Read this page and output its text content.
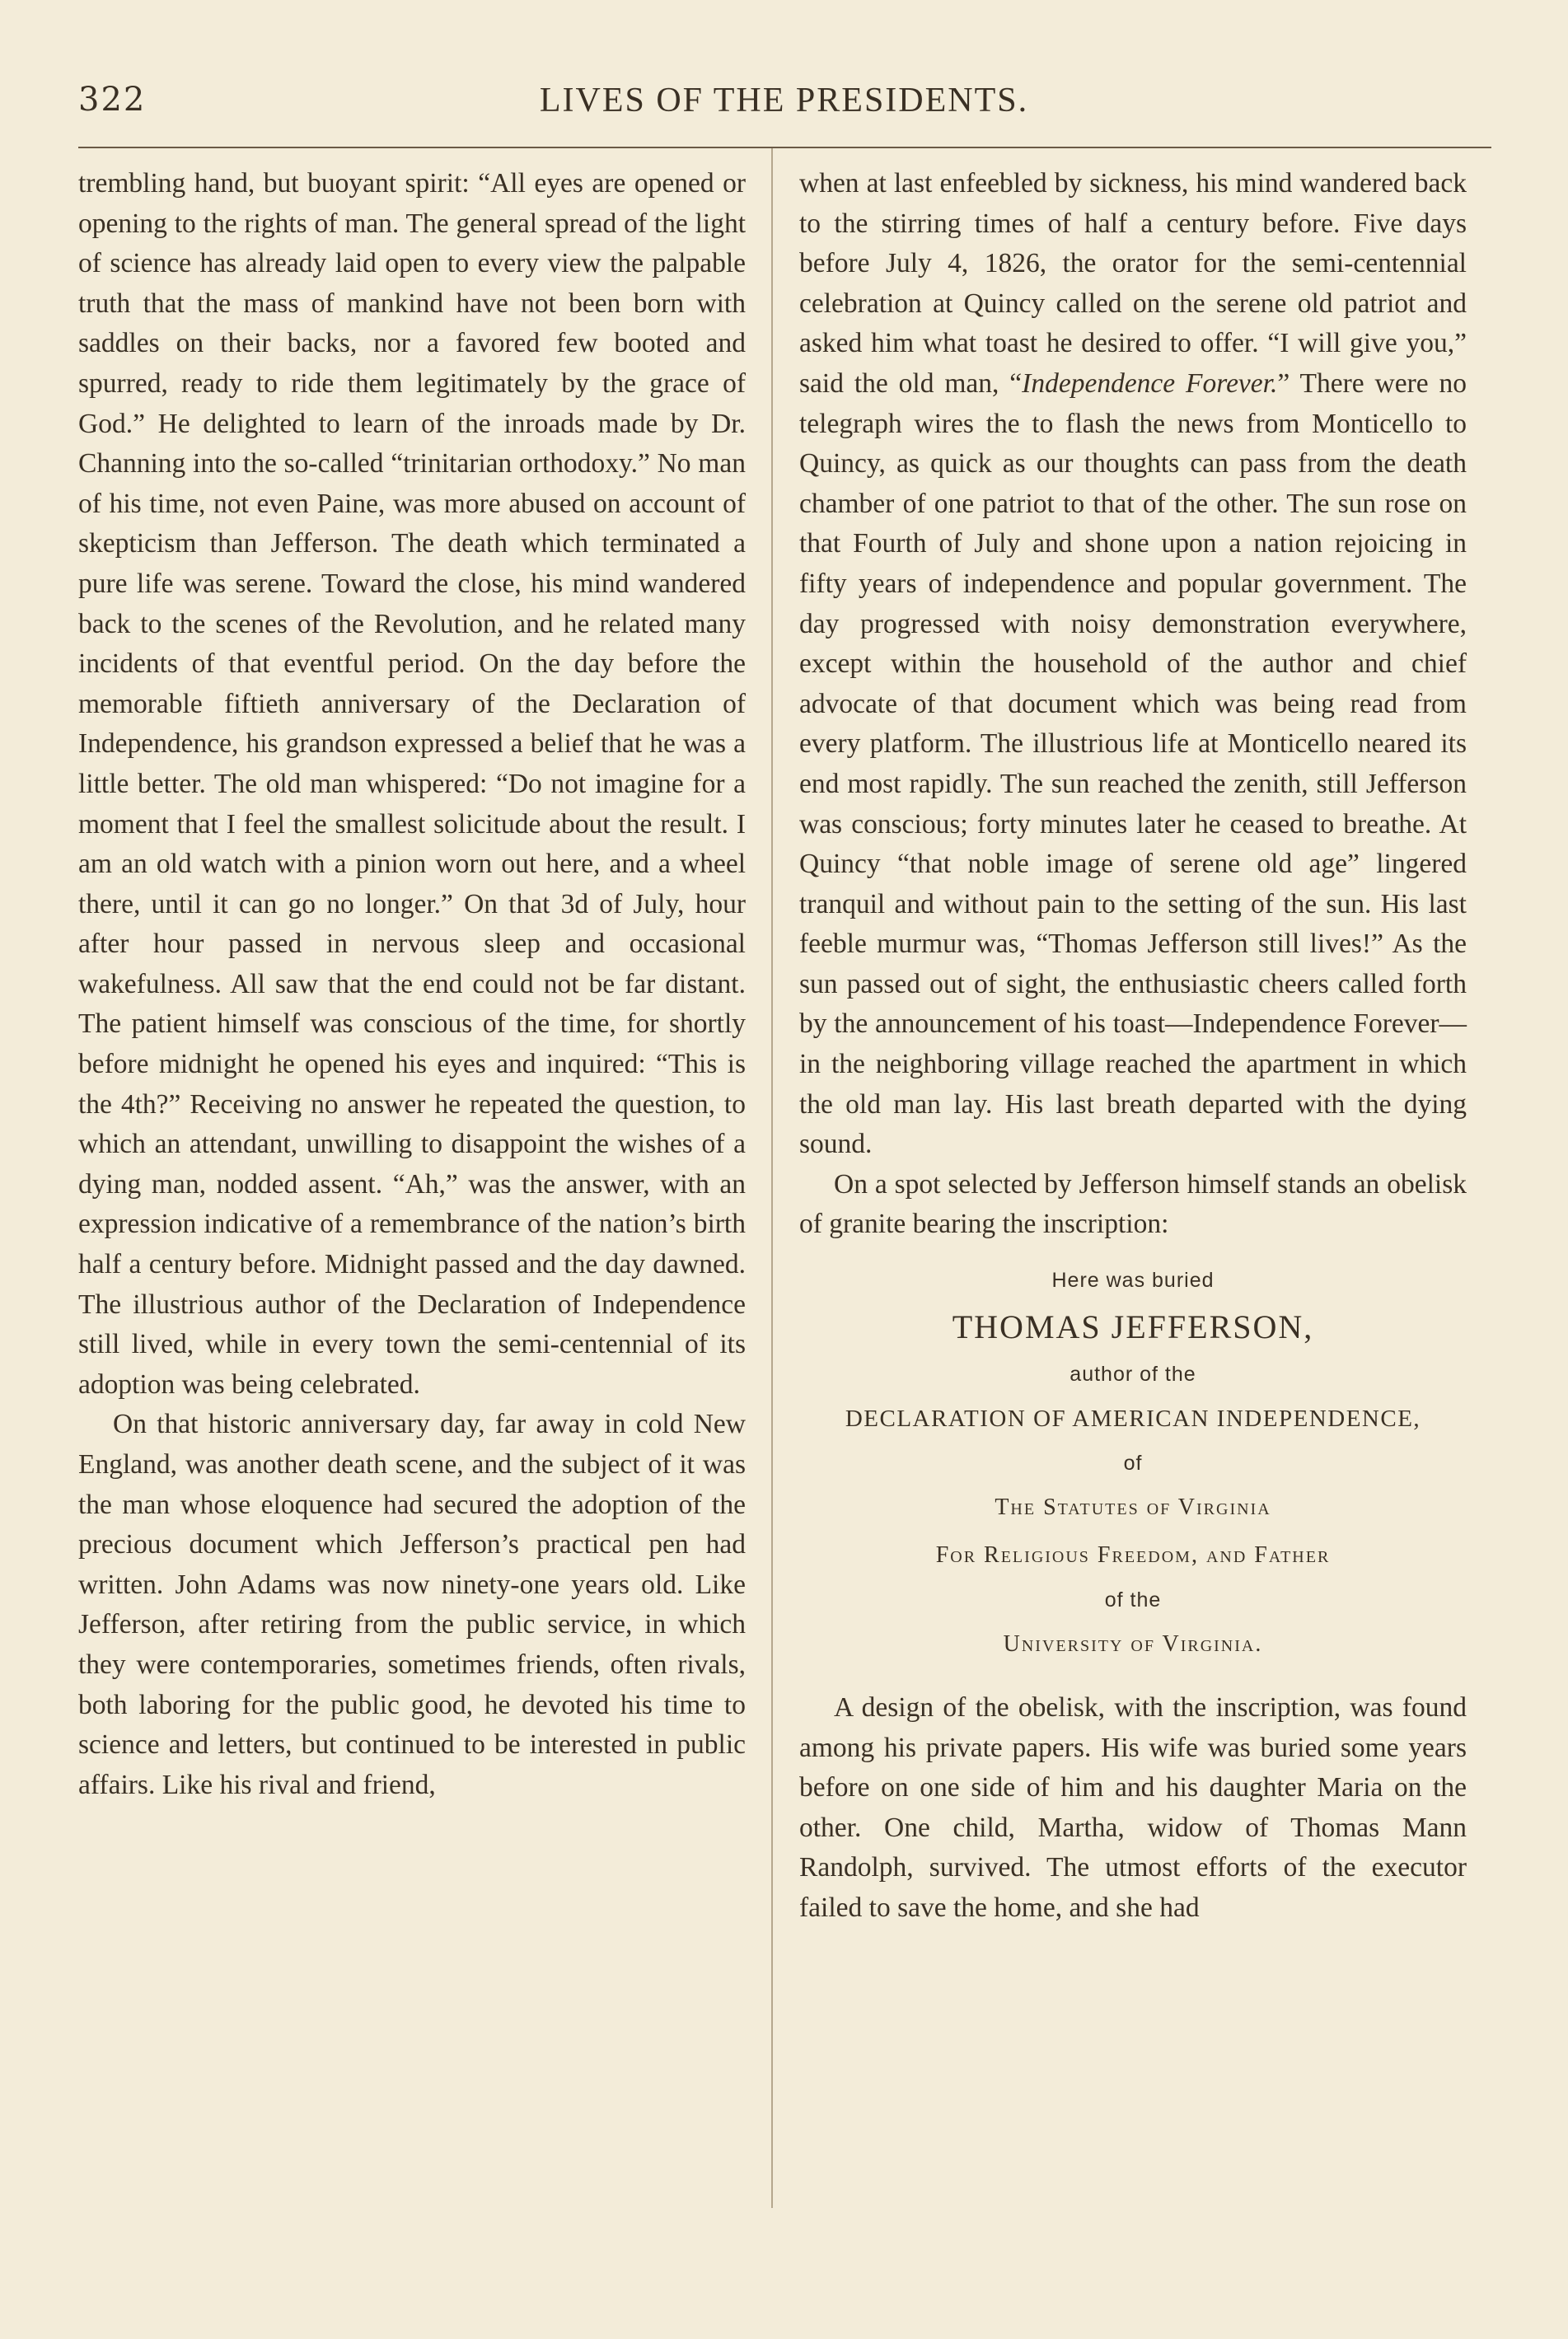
322	LIVES OF THE PRESIDENTS.

trembling hand, but buoyant spirit: “All eyes are opened or opening to the rights of man. The general spread of the light of science has already laid open to every view the palpable truth that the mass of mankind have not been born with saddles on their backs, nor a favored few booted and spurred, ready to ride them legitimately by the grace of God.” He delighted to learn of the inroads made by Dr. Channing into the so-called “trinitarian orthodoxy.” No man of his time, not even Paine, was more abused on account of skepticism than Jefferson. The death which terminated a pure life was serene. Toward the close, his mind wandered back to the scenes of the Revolution, and he related many incidents of that eventful period. On the day before the memorable fiftieth anniversary of the Declaration of Independence, his grandson expressed a belief that he was a little better. The old man whispered: “Do not imagine for a moment that I feel the smallest solicitude about the result. I am an old watch with a pinion worn out here, and a wheel there, until it can go no longer.” On that 3d of July, hour after hour passed in nervous sleep and occasional wakefulness. All saw that the end could not be far distant. The patient himself was conscious of the time, for shortly before midnight he opened his eyes and inquired: “This is the 4th?” Receiving no answer he repeated the question, to which an attendant, unwilling to disappoint the wishes of a dying man, nodded assent. “Ah,” was the answer, with an expression indicative of a remembrance of the nation’s birth half a century before. Midnight passed and the day dawned. The illustrious author of the Declaration of Independence still lived, while in every town the semi-centennial of its adoption was being celebrated.

On that historic anniversary day, far away in cold New England, was another death scene, and the subject of it was the man whose eloquence had secured the adoption of the precious document which Jefferson’s practical pen had written. John Adams was now ninety-one years old. Like Jefferson, after retiring from the public service, in which they were contemporaries, sometimes friends, often rivals, both laboring for the public good, he devoted his time to science and letters, but continued to be interested in public affairs. Like his rival and friend,

when at last enfeebled by sickness, his mind wandered back to the stirring times of half a century before. Five days before July 4, 1826, the orator for the semi-centennial celebration at Quincy called on the serene old patriot and asked him what toast he desired to offer. “I will give you,” said the old man, “Independence Forever.” There were no telegraph wires the to flash the news from Monticello to Quincy, as quick as our thoughts can pass from the death chamber of one patriot to that of the other. The sun rose on that Fourth of July and shone upon a nation rejoicing in fifty years of independence and popular government. The day progressed with noisy demonstration everywhere, except within the household of the author and chief advocate of that document which was being read from every platform. The illustrious life at Monticello neared its end most rapidly. The sun reached the zenith, still Jefferson was conscious; forty minutes later he ceased to breathe. At Quincy “that noble image of serene old age” lingered tranquil and without pain to the setting of the sun. His last feeble murmur was, “Thomas Jefferson still lives!” As the sun passed out of sight, the enthusiastic cheers called forth by the announcement of his toast—Independence Forever—in the neighboring village reached the apartment in which the old man lay. His last breath departed with the dying sound.

On a spot selected by Jefferson himself stands an obelisk of granite bearing the inscription:

Here was buried
THOMAS JEFFERSON,
author of the
DECLARATION OF AMERICAN INDEPENDENCE,
of
The Statutes of Virginia
For Religious Freedom, and Father
of the
University of Virginia.

A design of the obelisk, with the inscription, was found among his private papers. His wife was buried some years before on one side of him and his daughter Maria on the other. One child, Martha, widow of Thomas Mann Randolph, survived. The utmost efforts of the executor failed to save the home, and she had
